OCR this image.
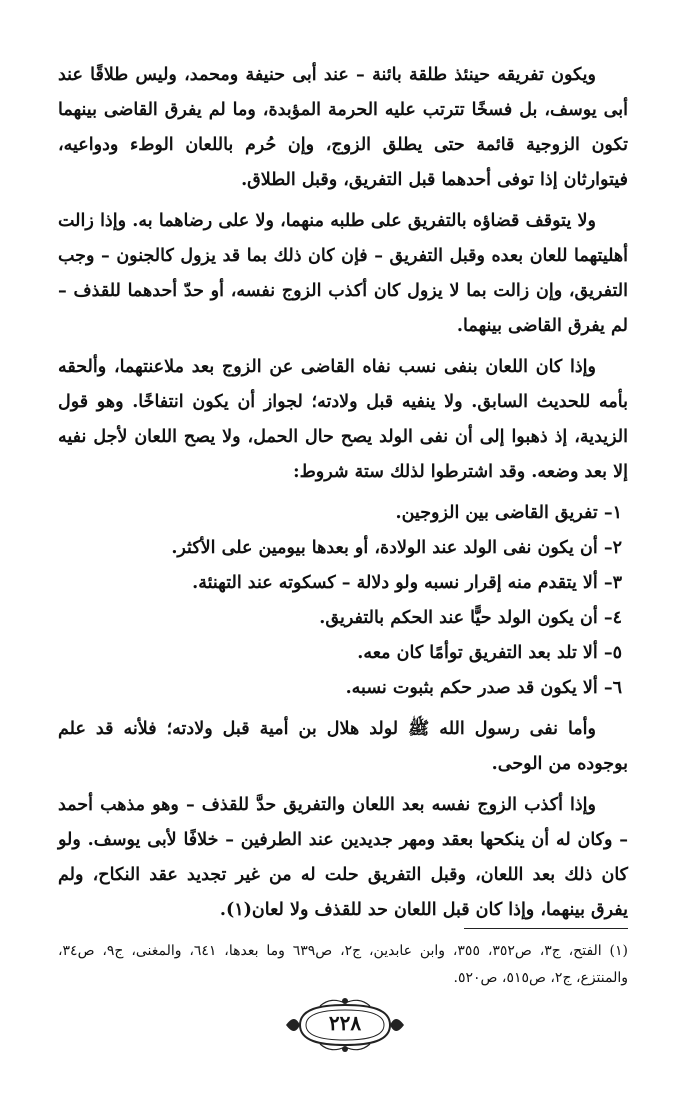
ويكون تفريقه حينئذ طلقة بائنة – عند أبى حنيفة ومحمد، وليس طلاقًا عند أبى يوسف، بل فسخًا تترتب عليه الحرمة المؤبدة، وما لم يفرق القاضى بينهما تكون الزوجية قائمة حتى يطلق الزوج، وإن حُرم باللعان الوطء ودواعيه، فيتوارثان إذا توفى أحدهما قبل التفريق، وقبل الطلاق.

ولا يتوقف قضاؤه بالتفريق على طلبه منهما، ولا على رضاهما به. وإذا زالت أهليتهما للعان بعده وقبل التفريق – فإن كان ذلك بما قد يزول كالجنون – وجب التفريق، وإن زالت بما لا يزول كان أكذب الزوج نفسه، أو حدّ أحدهما للقذف – لم يفرق القاضى بينهما.

وإذا كان اللعان بنفى نسب نفاه القاضى عن الزوج بعد ملاعنتهما، وألحقه بأمه للحديث السابق. ولا ينفيه قبل ولادته؛ لجواز أن يكون انتفاخًا. وهو قول الزيدية، إذ ذهبوا إلى أن نفى الولد يصح حال الحمل، ولا يصح اللعان لأجل نفيه إلا بعد وضعه. وقد اشترطوا لذلك ستة شروط:

١– تفريق القاضى بين الزوجين.
٢– أن يكون نفى الولد عند الولادة، أو بعدها بيومين على الأكثر.
٣– ألا يتقدم منه إقرار نسبه ولو دلالة – كسكوته عند التهنئة.
٤– أن يكون الولد حيًّا عند الحكم بالتفريق.
٥– ألا تلد بعد التفريق توأمًا كان معه.
٦– ألا يكون قد صدر حكم بثبوت نسبه.

وأما نفى رسول الله ﷺ لولد هلال بن أمية قبل ولادته؛ فلأنه قد علم بوجوده من الوحى.

وإذا أكذب الزوج نفسه بعد اللعان والتفريق حدَّ للقذف – وهو مذهب أحمد – وكان له أن ينكحها بعقد ومهر جديدين عند الطرفين – خلافًا لأبى يوسف. ولو كان ذلك بعد اللعان، وقبل التفريق حلت له من غير تجديد عقد النكاح، ولم يفرق بينهما، وإذا كان قبل اللعان حد للقذف ولا لعان(١).

(١) الفتح، ج٣، ص٣٥٢، ٣٥٥، وابن عابدين، ج٢، ص٦٣٩ وما بعدها، ٦٤١، والمغنى، ج٩، ص٣٤، والمنتزع، ج٢، ص٥١٥، ص٥٢٠.
٢٢٨
